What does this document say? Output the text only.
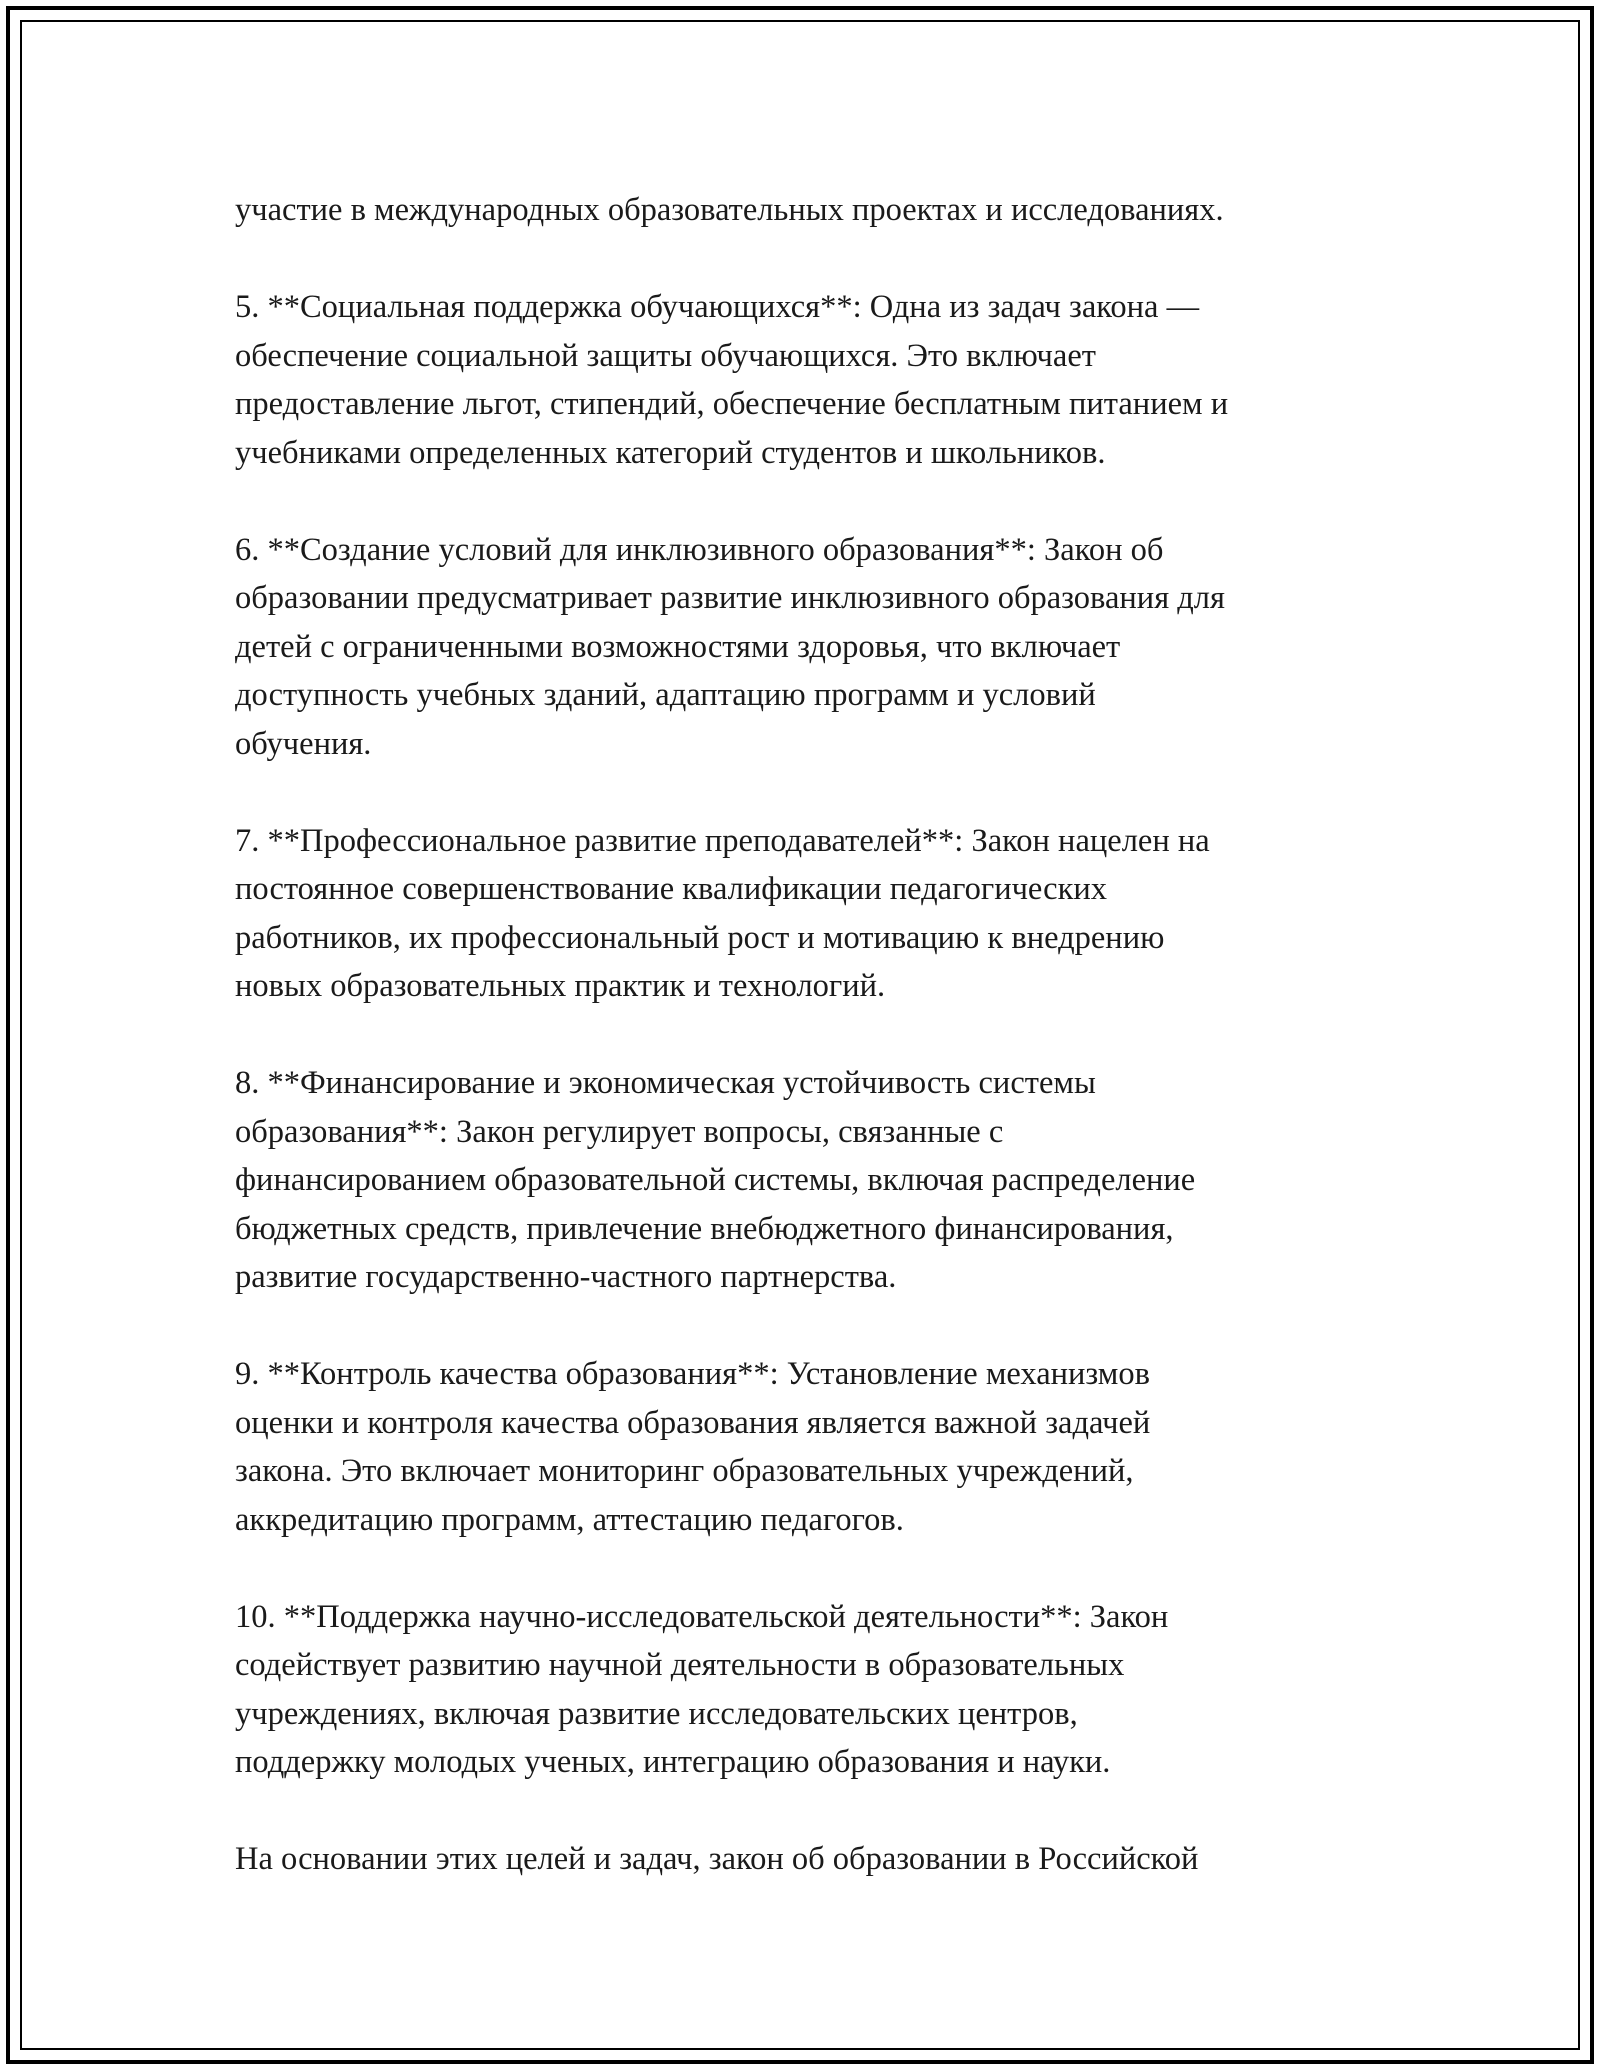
участие в международных образовательных проектах и исследованиях.
5. **Социальная поддержка обучающихся**: Одна из задач закона —
обеспечение социальной защиты обучающихся. Это включает
предоставление льгот, стипендий, обеспечение бесплатным питанием и
учебниками определенных категорий студентов и школьников.
6. **Создание условий для инклюзивного образования**: Закон об
образовании предусматривает развитие инклюзивного образования для
детей с ограниченными возможностями здоровья, что включает
доступность учебных зданий, адаптацию программ и условий
обучения.
7. **Профессиональное развитие преподавателей**: Закон нацелен на
постоянное совершенствование квалификации педагогических
работников, их профессиональный рост и мотивацию к внедрению
новых образовательных практик и технологий.
8. **Финансирование и экономическая устойчивость системы
образования**: Закон регулирует вопросы, связанные с
финансированием образовательной системы, включая распределение
бюджетных средств, привлечение внебюджетного финансирования,
развитие государственно-частного партнерства.
9. **Контроль качества образования**: Установление механизмов
оценки и контроля качества образования является важной задачей
закона. Это включает мониторинг образовательных учреждений,
аккредитацию программ, аттестацию педагогов.
10. **Поддержка научно-исследовательской деятельности**: Закон
содействует развитию научной деятельности в образовательных
учреждениях, включая развитие исследовательских центров,
поддержку молодых ученых, интеграцию образования и науки.
На основании этих целей и задач, закон об образовании в Российской
